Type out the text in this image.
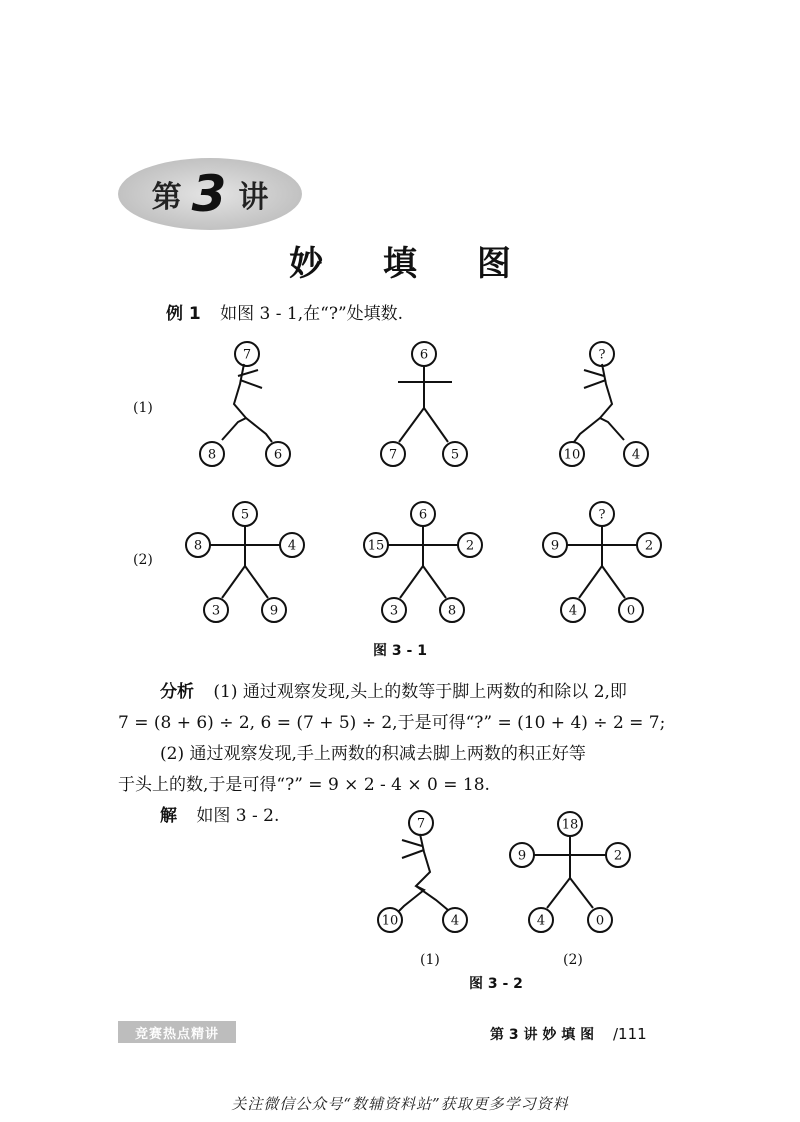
第 3 讲
妙 填 图
例 1 如图 3 - 1,在“?”处填数.
(1)
(2)
7
8	6
6
7	5
?
10	4
5
8	4
3	9
6
15	2
3	8
?
9	2
4	0
7
10	4
18
9	2
4	0
图 3 - 1
分析 (1) 通过观察发现,头上的数等于脚上两数的和除以 2,即
7 = (8 + 6) ÷ 2, 6 = (7 + 5) ÷ 2,于是可得“?” = (10 + 4) ÷ 2 = 7;
(2) 通过观察发现,手上两数的积减去脚上两数的积正好等
于头上的数,于是可得“?” = 9 × 2 - 4 × 0 = 18.
解 如图 3 - 2.
(1)	(2)
图 3 - 2
竞赛热点精讲	第 3 讲 妙 填 图 /111
关注微信公众号“数辅资料站”获取更多学习资料
